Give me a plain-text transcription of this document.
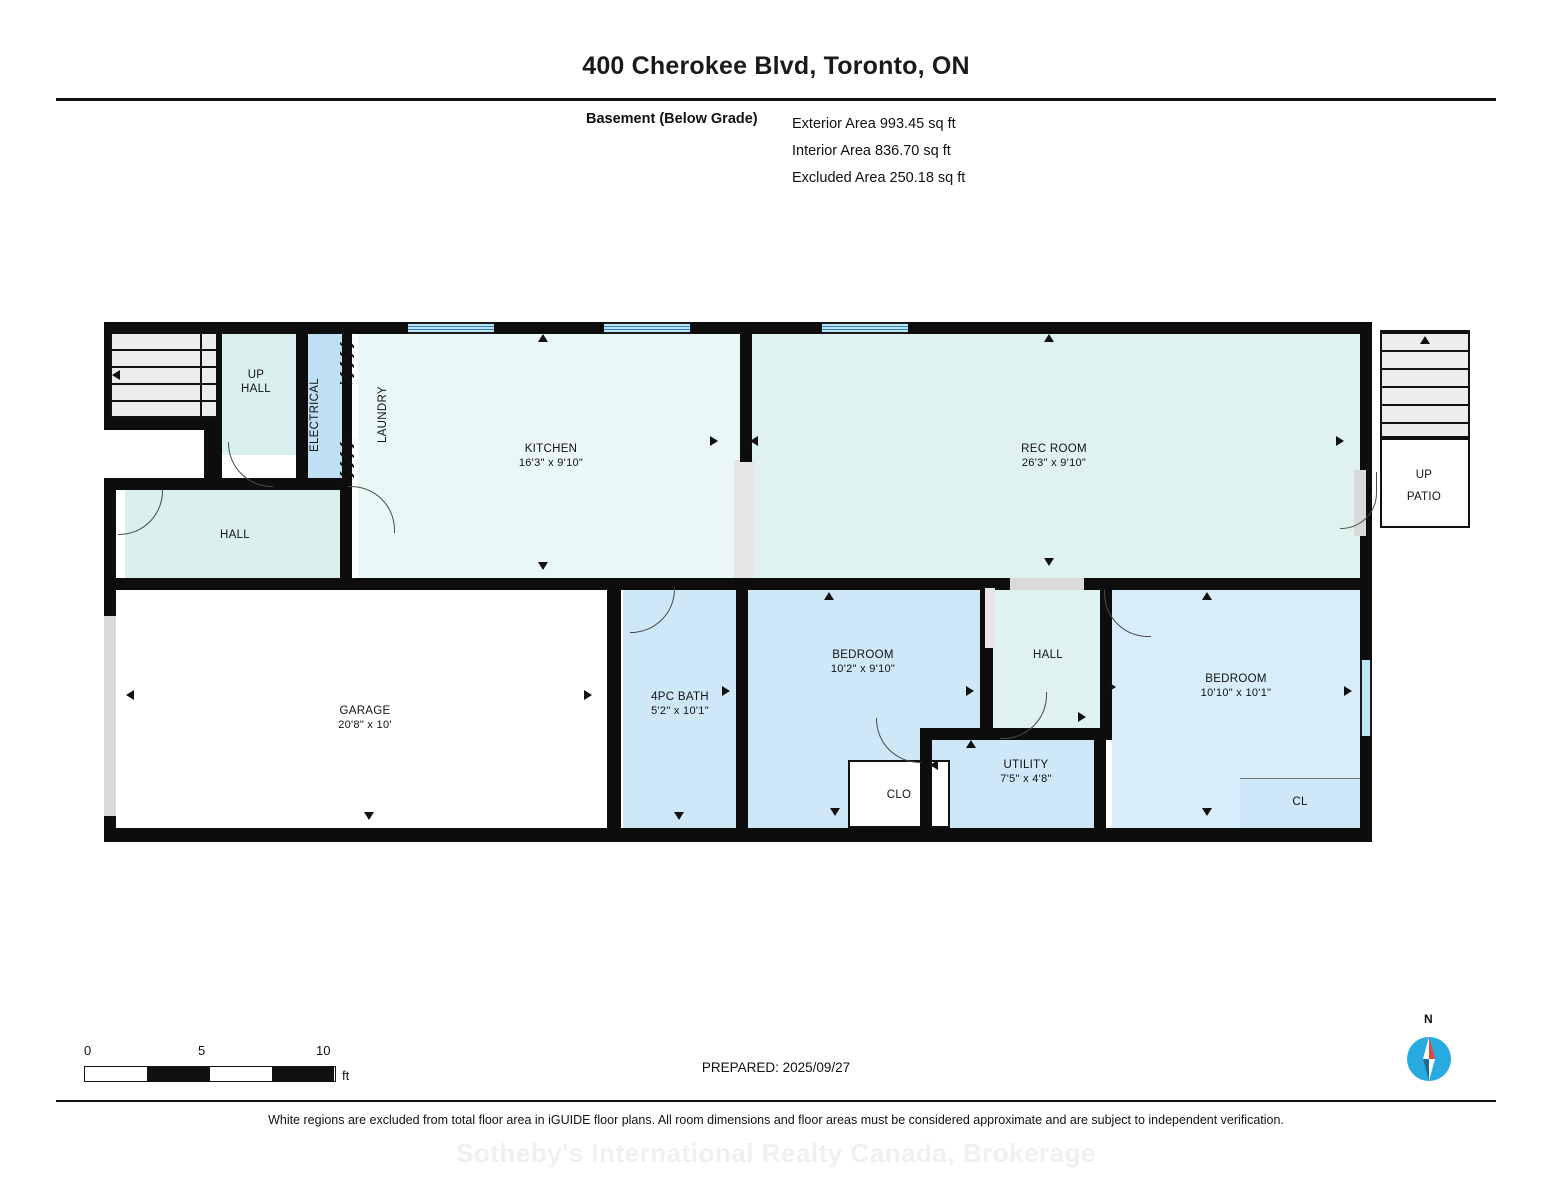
400 Cherokee Blvd, Toronto, ON
Basement (Below Grade) Exterior Area 993.45 sq ft
Interior Area 836.70 sq ft
Excluded Area 250.18 sq ft
UP
HALL	ELECTRICAL	LAUNDRY
KITCHEN
16'3" x 9'10"
REC ROOM
26'3" x 9'10"
HALL
GARAGE
20'8" x 10'
4PC BATH
5'2" x 10'1"
BEDROOM
10'2" x 9'10"
HALL
BEDROOM
10'10" x 10'1"
UTILITY
7'5" x 4'8"
CLO
CL
UP
PATIO
0	5	10
ft
PREPARED: 2025/09/27
N
White regions are excluded from total floor area in iGUIDE floor plans. All room dimensions and floor areas must be considered approximate and are subject to independent verification.
Sotheby's International Realty Canada, Brokerage
